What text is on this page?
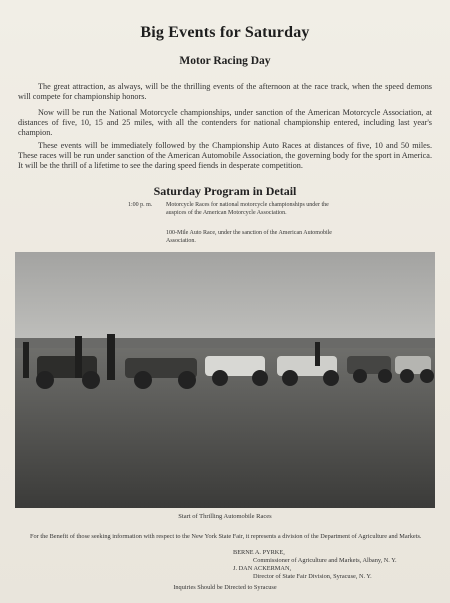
Big Events for Saturday
Motor Racing Day

The great attraction, as always, will be the thrilling events of the afternoon at the race track, when the speed demons will compete for championship honors.

Now will be run the National Motorcycle championships, under sanction of the American Motorcycle Association, at distances of five, 10, 15 and 25 miles, with all the contenders for national championship entered, including last year's champion.

These events will be immediately followed by the Championship Auto Races at distances of five, 10 and 50 miles. These races will be run under sanction of the American Automobile Association, the governing body for the sport in America. It will be the thrill of a lifetime to see the daring speed fiends in desperate competition.

Saturday Program in Detail
1:00 p. m. Motorcycle Races for national motorcycle championships under the auspices of the American Motorcycle Association.
100-Mile Auto Race, under the sanction of the American Automobile Association.
Start of Thrilling Automobile Races
For the Benefit of those seeking information with respect to the New York State Fair, it represents a division of the Department of Agriculture and Markets.
BERNE A. PYRKE,
Commissioner of Agriculture and Markets, Albany, N. Y.
J. DAN ACKERMAN,
Director of State Fair Division, Syracuse, N. Y.
Inquiries Should be Directed to Syracuse
